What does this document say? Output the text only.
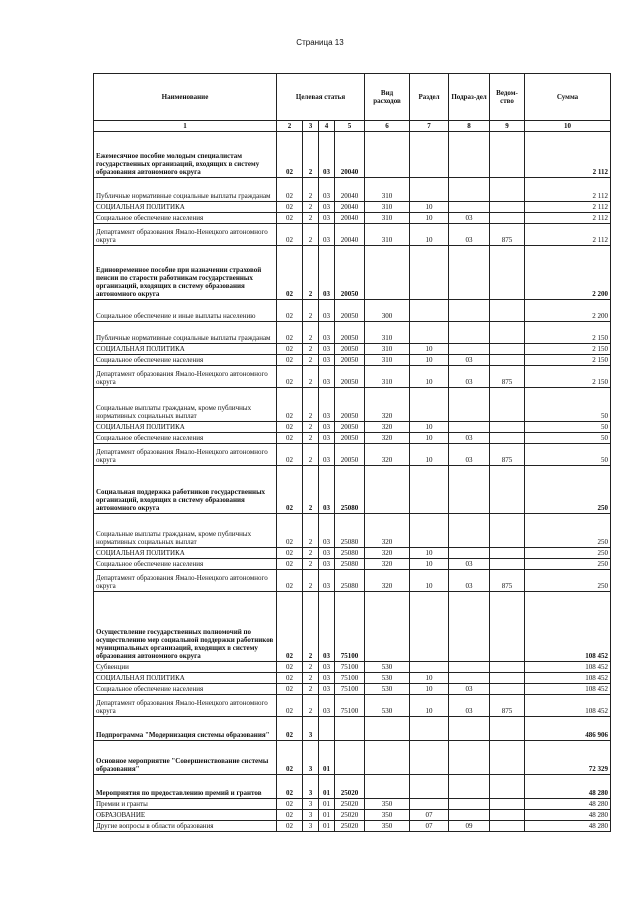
Страница 13
Наименование	Целевая статья				Вид расходов	Раздел	Подраз-дел	Ведом-ство	Сумма
1	2	3	4	5	6	7	8	9	10
Ежемесячное пособие молодым специалистам государственных организаций, входящих в систему образования автономного округа	02	2	03	20040					2 112
Публичные нормативные социальные выплаты гражданам	02	2	03	20040	310				2 112
СОЦИАЛЬНАЯ ПОЛИТИКА	02	2	03	20040	310	10			2 112
Социальное обеспечение населения	02	2	03	20040	310	10	03		2 112
Департамент образования Ямало-Ненецкого автономного округа	02	2	03	20040	310	10	03	875	2 112
Единовременное пособие при назначении страховой пенсии по старости работникам государственных организаций, входящих в систему образования автономного округа	02	2	03	20050					2 200
Социальное обеспечение и иные выплаты населению	02	2	03	20050	300				2 200
Публичные нормативные социальные выплаты гражданам	02	2	03	20050	310				2 150
СОЦИАЛЬНАЯ ПОЛИТИКА	02	2	03	20050	310	10			2 150
Социальное обеспечение населения	02	2	03	20050	310	10	03		2 150
Департамент образования Ямало-Ненецкого автономного округа	02	2	03	20050	310	10	03	875	2 150
Социальные выплаты гражданам, кроме публичных нормативных социальных выплат	02	2	03	20050	320				50
СОЦИАЛЬНАЯ ПОЛИТИКА	02	2	03	20050	320	10			50
Социальное обеспечение населения	02	2	03	20050	320	10	03		50
Департамент образования Ямало-Ненецкого автономного округа	02	2	03	20050	320	10	03	875	50
Социальная поддержка работников государственных организаций, входящих в систему образования автономного округа	02	2	03	25080					250
Социальные выплаты гражданам, кроме публичных нормативных социальных выплат	02	2	03	25080	320				250
СОЦИАЛЬНАЯ ПОЛИТИКА	02	2	03	25080	320	10			250
Социальное обеспечение населения	02	2	03	25080	320	10	03		250
Департамент образования Ямало-Ненецкого автономного округа	02	2	03	25080	320	10	03	875	250
Осуществление государственных полномочий по осуществлению мер социальной поддержки работников муниципальных организаций, входящих в систему образования автономного округа	02	2	03	75100					108 452
Субвенции	02	2	03	75100	530				108 452
СОЦИАЛЬНАЯ ПОЛИТИКА	02	2	03	75100	530	10			108 452
Социальное обеспечение населения	02	2	03	75100	530	10	03		108 452
Департамент образования Ямало-Ненецкого автономного округа	02	2	03	75100	530	10	03	875	108 452
Подпрограмма "Модернизация системы образования"	02	3							486 906
Основное мероприятие "Совершенствование системы образования"	02	3	01						72 329
Мероприятия по предоставлению премий и грантов	02	3	01	25020					48 280
Премии и гранты	02	3	01	25020	350				48 280
ОБРАЗОВАНИЕ	02	3	01	25020	350	07			48 280
Другие вопросы в области образования	02	3	01	25020	350	07	09		48 280
